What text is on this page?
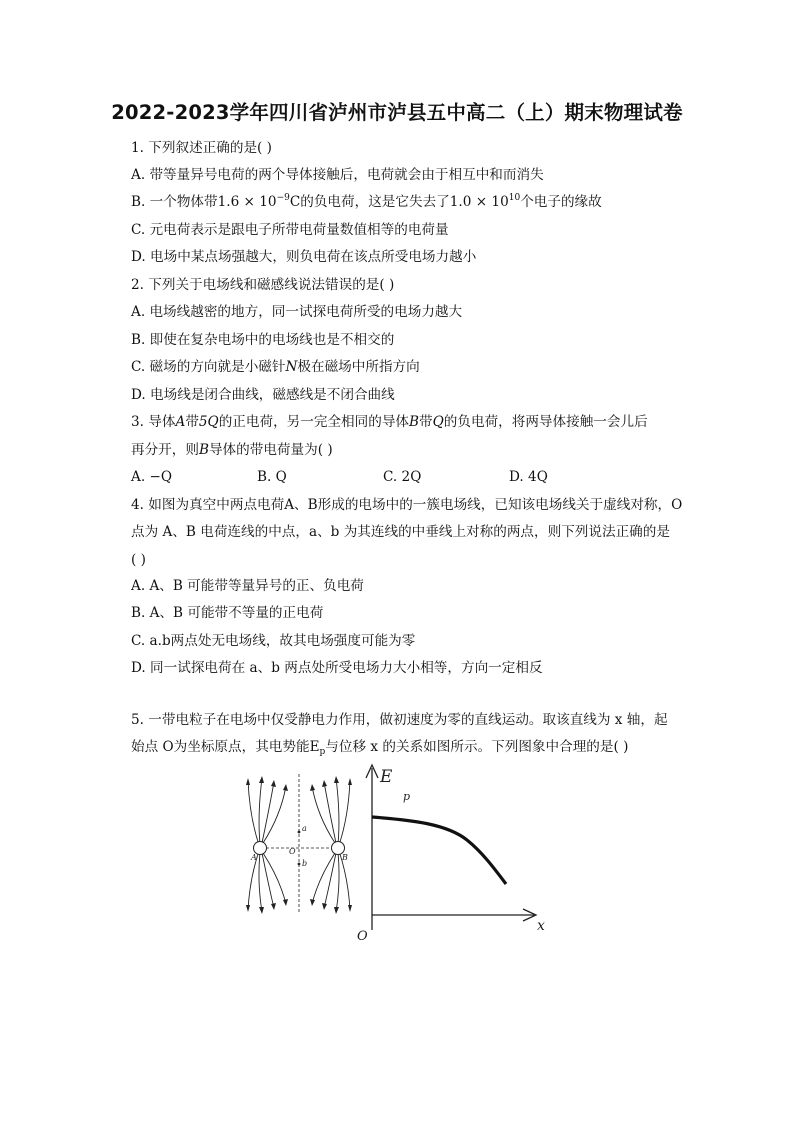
2022-2023学年四川省泸州市泸县五中高二（上）期末物理试卷
1. 下列叙述正确的是( )
A. 带等量异号电荷的两个导体接触后，电荷就会由于相互中和而消失
B. 一个物体带$1.6 \times 10^{-9}C$的负电荷，这是它失去了$1.0 \times 10^{10}$个电子的缘故
C. 元电荷表示是跟电子所带电荷量数值相等的电荷量
D. 电场中某点场强越大，则负电荷在该点所受电场力越小
2. 下列关于电场线和磁感线说法错误的是( )
A. 电场线越密的地方，同一试探电荷所受的电场力越大
B. 即使在复杂电场中的电场线也是不相交的
C. 磁场的方向就是小磁针N极在磁场中所指方向
D. 电场线是闭合曲线，磁感线是不闭合曲线
3. 导体A带5Q的正电荷，另一完全相同的导体B带Q的负电荷，将两导体接触一会儿后
再分开，则B导体的带电荷量为( )
A. −Q	B. Q	C. 2Q	D. 4Q
4. 如图为真空中两点电荷A、B形成的电场中的一簇电场线，已知该电场线关于虚线对称，O
点为 A、B 电荷连线的中点，a、b 为其连线的中垂线上对称的两点，则下列说法正确的是
( )
A. A、B 可能带等量异号的正、负电荷
B. A、B 可能带不等量的正电荷
C. a.b两点处无电场线，故其电场强度可能为零
D. 同一试探电荷在 a、b 两点处所受电场力大小相等，方向一定相反
5. 一带电粒子在电场中仅受静电力作用，做初速度为零的直线运动。取该直线为 x 轴，起
始点 O为坐标原点，其电势能$E_p$与位移 x 的关系如图所示。下列图象中合理的是( )
A	B
O
a
b
E
p
x
O
